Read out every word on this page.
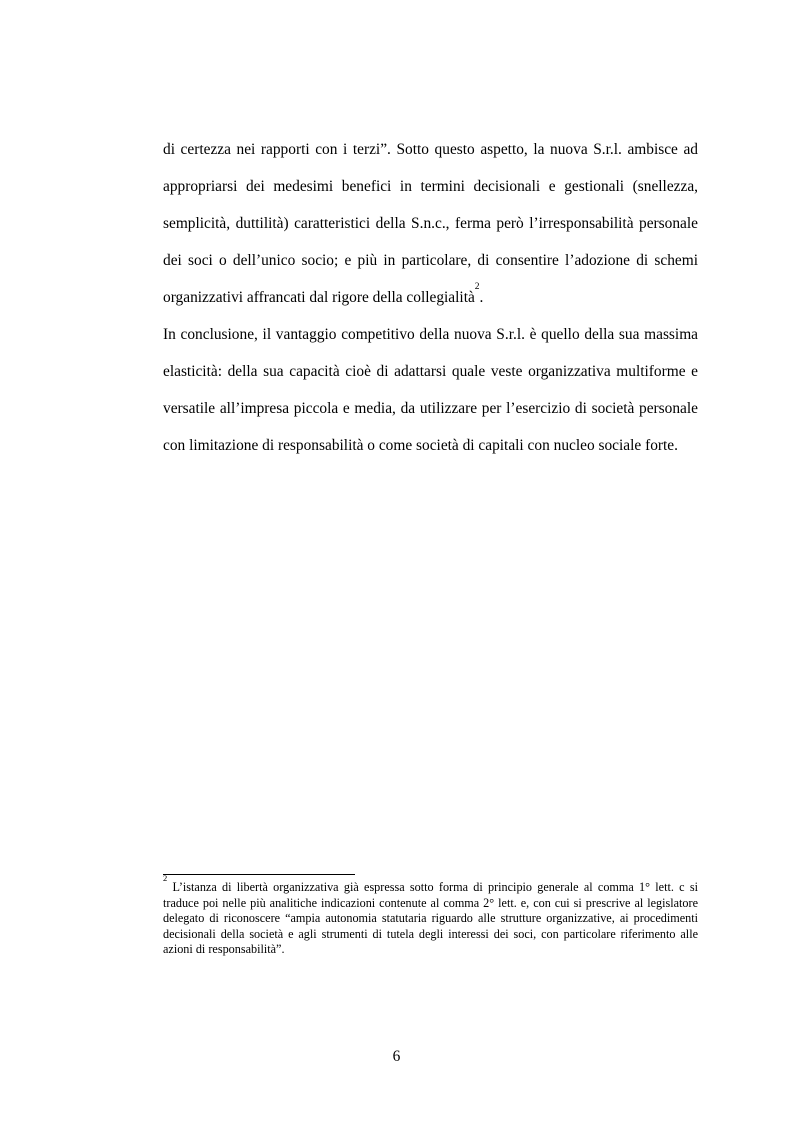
di certezza nei rapporti con i terzi”. Sotto questo aspetto, la nuova S.r.l. ambisce ad appropriarsi dei medesimi benefici in termini decisionali e gestionali (snellezza, semplicità, duttilità) caratteristici della S.n.c., ferma però l’irresponsabilità personale dei soci o dell’unico socio; e più in particolare, di consentire l’adozione di schemi organizzativi affrancati dal rigore della collegialità$^2$.

In conclusione, il vantaggio competitivo della nuova S.r.l. è quello della sua massima elasticità: della sua capacità cioè di adattarsi quale veste organizzativa multiforme e versatile all’impresa piccola e media, da utilizzare per l’esercizio di società personale con limitazione di responsabilità o come società di capitali con nucleo sociale forte.

$^2$ L’istanza di libertà organizzativa già espressa sotto forma di principio generale al comma 1° lett. c si traduce poi nelle più analitiche indicazioni contenute al comma 2° lett. e, con cui si prescrive al legislatore delegato di riconoscere “ampia autonomia statutaria riguardo alle strutture organizzative, ai procedimenti decisionali della società e agli strumenti di tutela degli interessi dei soci, con particolare riferimento alle azioni di responsabilità”.

6
